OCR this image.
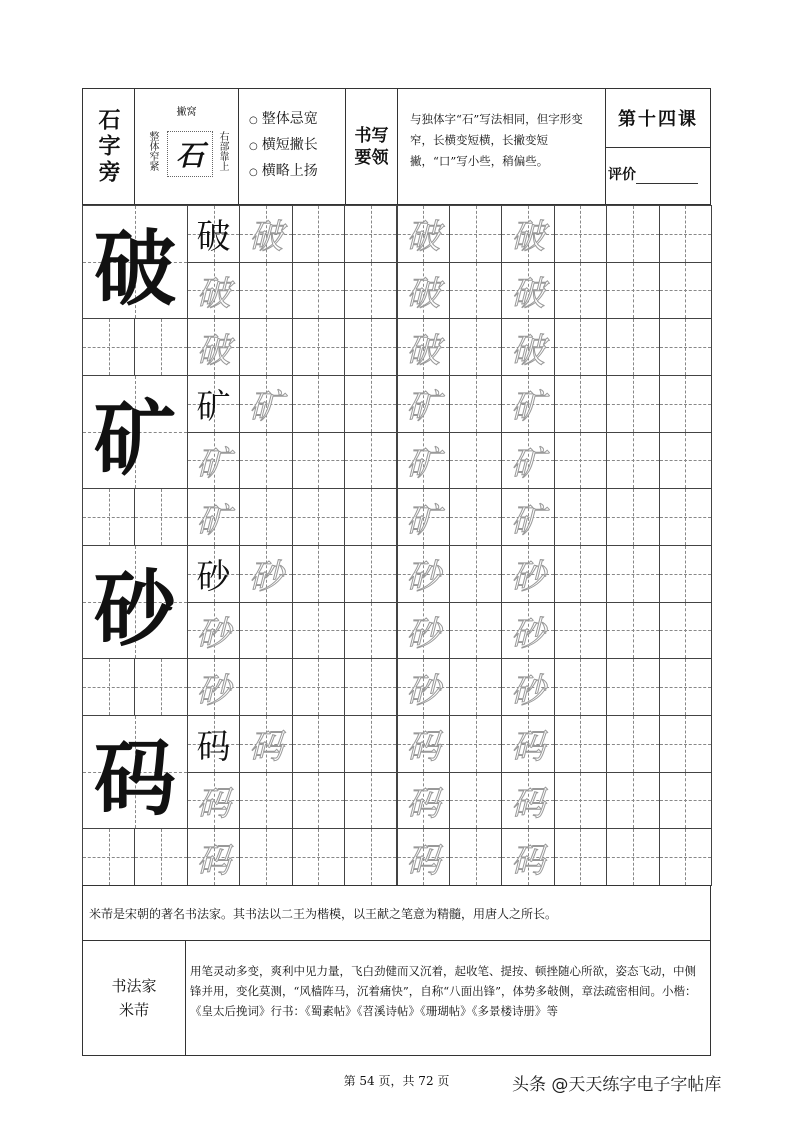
石字旁	撇窝
整体窄紧 石	右部靠上
○ 整体忌宽
○ 横短撇长
○ 横略上扬
书写要领
与独体字“石”写法相同，但字形变窄，长横变短横，长撇变短撇，“口”写小些，稍偏些。
第十四课
评价
破 破 破	破 破
破	破 破
破	破 破
矿 矿 矿	矿 矿
矿	矿 矿
矿	矿 矿
砂 砂 砂	砂 砂
砂	砂 砂
砂	砂 砂
码 码 码	码 码
码	码 码
码	码 码
米芾是宋朝的著名书法家。其书法以二王为楷模，以王献之笔意为精髓，用唐人之所长。
书法家
米芾
用笔灵动多变，爽利中见力量，飞白劲健而又沉着，起收笔、提按、顿挫随心所欲，姿态飞动，中侧锋并用，变化莫测，“风樯阵马，沉着痛快”，自称“八面出锋”，体势多敧侧，章法疏密相间。小楷：《皇太后挽词》行书：《蜀素帖》《苕溪诗帖》《珊瑚帖》《多景楼诗册》等
第 54 页，共 72 页	头条 @天天练字电子字帖库
